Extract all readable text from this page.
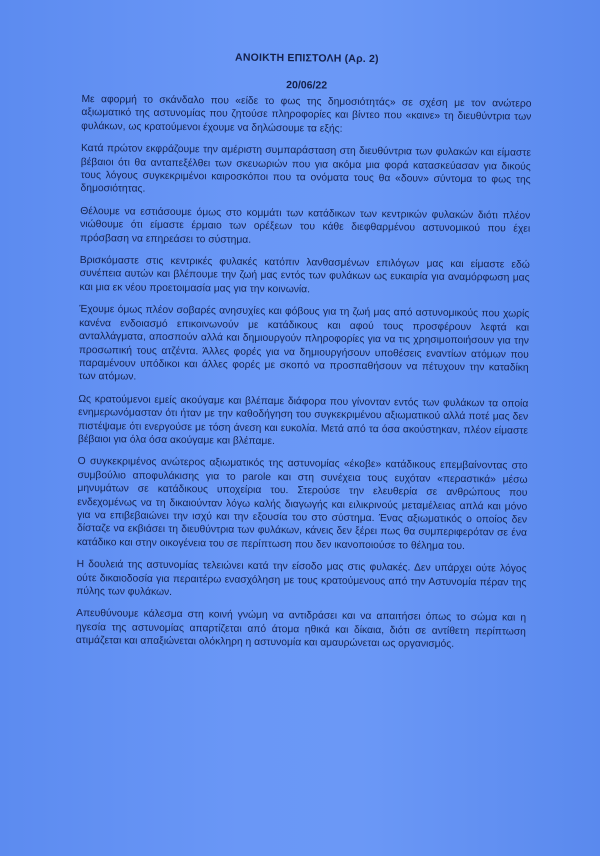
ΑΝΟΙΚΤΗ ΕΠΙΣΤΟΛΗ (Αρ. 2)
20/06/22

Με αφορμή το σκάνδαλο που «είδε το φως της δημοσιότητάς» σε σχέση με τον ανώτερο αξιωματικό της αστυνομίας που ζητούσε πληροφορίες και βίντεο που «καινε» τη διευθύντρια των φυλάκων, ως κρατούμενοι έχουμε να δηλώσουμε τα εξής:

Κατά πρώτον εκφράζουμε την αμέριστη συμπαράσταση στη διευθύντρια των φυλακών και είμαστε βέβαιοι ότι θα ανταπεξέλθει των σκευωριών που για ακόμα μια φορά κατασκεύασαν για δικούς τους λόγους συγκεκριμένοι καιροσκόποι που τα ονόματα τους θα «δουν» σύντομα το φως της δημοσιότητας.

Θέλουμε να εστιάσουμε όμως στο κομμάτι των κατάδικων των κεντρικών φυλακών διότι πλέον νιώθουμε ότι είμαστε έρμαιο των ορέξεων του κάθε διεφθαρμένου αστυνομικού που έχει πρόσβαση να επηρεάσει το σύστημα.

Βρισκόμαστε στις κεντρικές φυλακές κατόπιν λανθασμένων επιλόγων μας και είμαστε εδώ συνέπεια αυτών και βλέπουμε την ζωή μας εντός των φυλάκων ως ευκαιρία για αναμόρφωση μας και μια εκ νέου προετοιμασία μας για την κοινωνία.

Έχουμε όμως πλέον σοβαρές ανησυχίες και φόβους για τη ζωή μας από αστυνομικούς που χωρίς κανένα ενδοιασμό επικοινωνούν με κατάδικους και αφού τους προσφέρουν λεφτά και ανταλλάγματα, αποσπούν αλλά και δημιουργούν πληροφορίες για να τις χρησιμοποιήσουν για την προσωπική τους ατζέντα. Άλλες φορές για να δημιουργήσουν υποθέσεις εναντίων ατόμων που παραμένουν υπόδικοι και άλλες φορές με σκοπό να προσπαθήσουν να πέτυχουν την καταδίκη των ατόμων.

Ως κρατούμενοι εμείς ακούγαμε και βλέπαμε διάφορα που γίνονταν εντός των φυλάκων τα οποία ενημερωνόμασταν ότι ήταν με την καθοδήγηση του συγκεκριμένου αξιωματικού αλλά ποτέ μας δεν πιστέψαμε ότι ενεργούσε με τόση άνεση και ευκολία. Μετά από τα όσα ακούστηκαν, πλέον είμαστε βέβαιοι για όλα όσα ακούγαμε και βλέπαμε.

Ο συγκεκριμένος ανώτερος αξιωματικός της αστυνομίας «έκοβε» κατάδικους επεμβαίνοντας στο συμβούλιο αποφυλάκισης για το parole και στη συνέχεια τους ευχόταν «περαστικά» μέσω μηνυμάτων σε κατάδικους υποχείρια του. Στερούσε την ελευθερία σε ανθρώπους που ενδεχομένως να τη δικαιούνταν λόγω καλής διαγωγής και ειλικρινούς μεταμέλειας απλά και μόνο για να επιβεβαιώνει την ισχύ και την εξουσία του στο σύστημα. Ένας αξιωματικός ο οποίος δεν δίσταζε να εκβιάσει τη διευθύντρια των φυλάκων, κάνεις δεν ξέρει πως θα συμπεριφερόταν σε ένα κατάδικο και στην οικογένεια του σε περίπτωση που δεν ικανοποιούσε το θέλημα του.

Η δουλειά της αστυνομίας τελειώνει κατά την είσοδο μας στις φυλακές. Δεν υπάρχει ούτε λόγος ούτε δικαιοδοσία για περαιτέρω ενασχόληση με τους κρατούμενους από την Αστυνομία πέραν της πύλης των φυλάκων.

Απευθύνουμε κάλεσμα στη κοινή γνώμη να αντιδράσει και να απαιτήσει όπως το σώμα και η ηγεσία της αστυνομίας απαρτίζεται από άτομα ηθικά και δίκαια, διότι σε αντίθετη περίπτωση ατιμάζεται και απαξιώνεται ολόκληρη η αστυνομία και αμαυρώνεται ως οργανισμός.
